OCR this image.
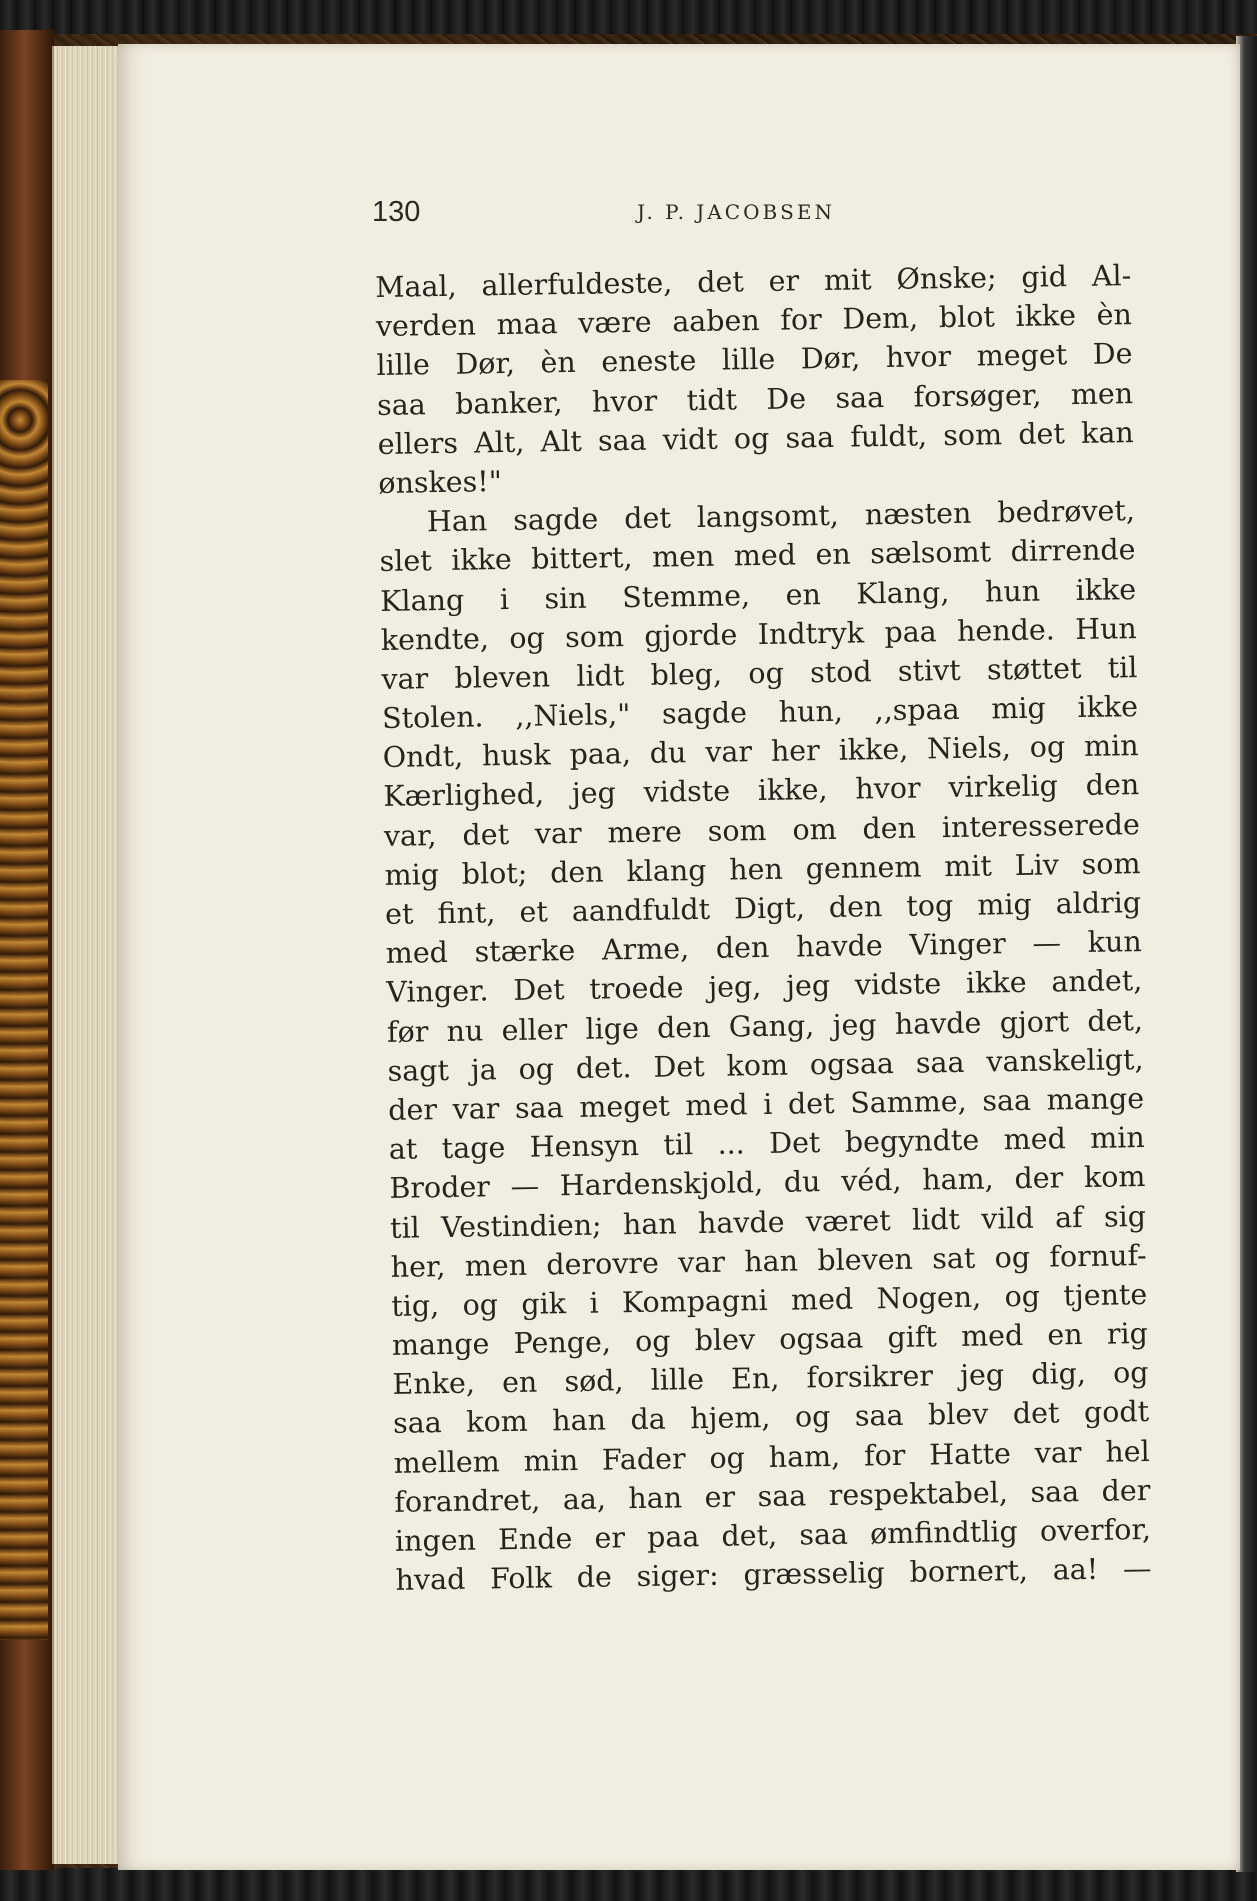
130	J. P. JACOBSEN
Maal, allerfuldeste, det er mit Ønske; gid Al-
verden maa være aaben for Dem, blot ikke èn
lille Dør, èn eneste lille Dør, hvor meget De
saa banker, hvor tidt De saa forsøger, men
ellers Alt, Alt saa vidt og saa fuldt, som det kan
ønskes!"
Han sagde det langsomt, næsten bedrøvet,
slet ikke bittert, men med en sælsomt dirrende
Klang i sin Stemme, en Klang, hun ikke
kendte, og som gjorde Indtryk paa hende. Hun
var bleven lidt bleg, og stod stivt støttet til
Stolen. ,,Niels," sagde hun, ,,spaa mig ikke
Ondt, husk paa, du var her ikke, Niels, og min
Kærlighed, jeg vidste ikke, hvor virkelig den
var, det var mere som om den interesserede
mig blot; den klang hen gennem mit Liv som
et fint, et aandfuldt Digt, den tog mig aldrig
med stærke Arme, den havde Vinger — kun
Vinger. Det troede jeg, jeg vidste ikke andet,
før nu eller lige den Gang, jeg havde gjort det,
sagt ja og det. Det kom ogsaa saa vanskeligt,
der var saa meget med i det Samme, saa mange
at tage Hensyn til ... Det begyndte med min
Broder — Hardenskjold, du véd, ham, der kom
til Vestindien; han havde været lidt vild af sig
her, men derovre var han bleven sat og fornuf-
tig, og gik i Kompagni med Nogen, og tjente
mange Penge, og blev ogsaa gift med en rig
Enke, en sød, lille En, forsikrer jeg dig, og
saa kom han da hjem, og saa blev det godt
mellem min Fader og ham, for Hatte var hel
forandret, aa, han er saa respektabel, saa der
ingen Ende er paa det, saa ømfindtlig overfor,
hvad Folk de siger: græsselig bornert, aa! —
